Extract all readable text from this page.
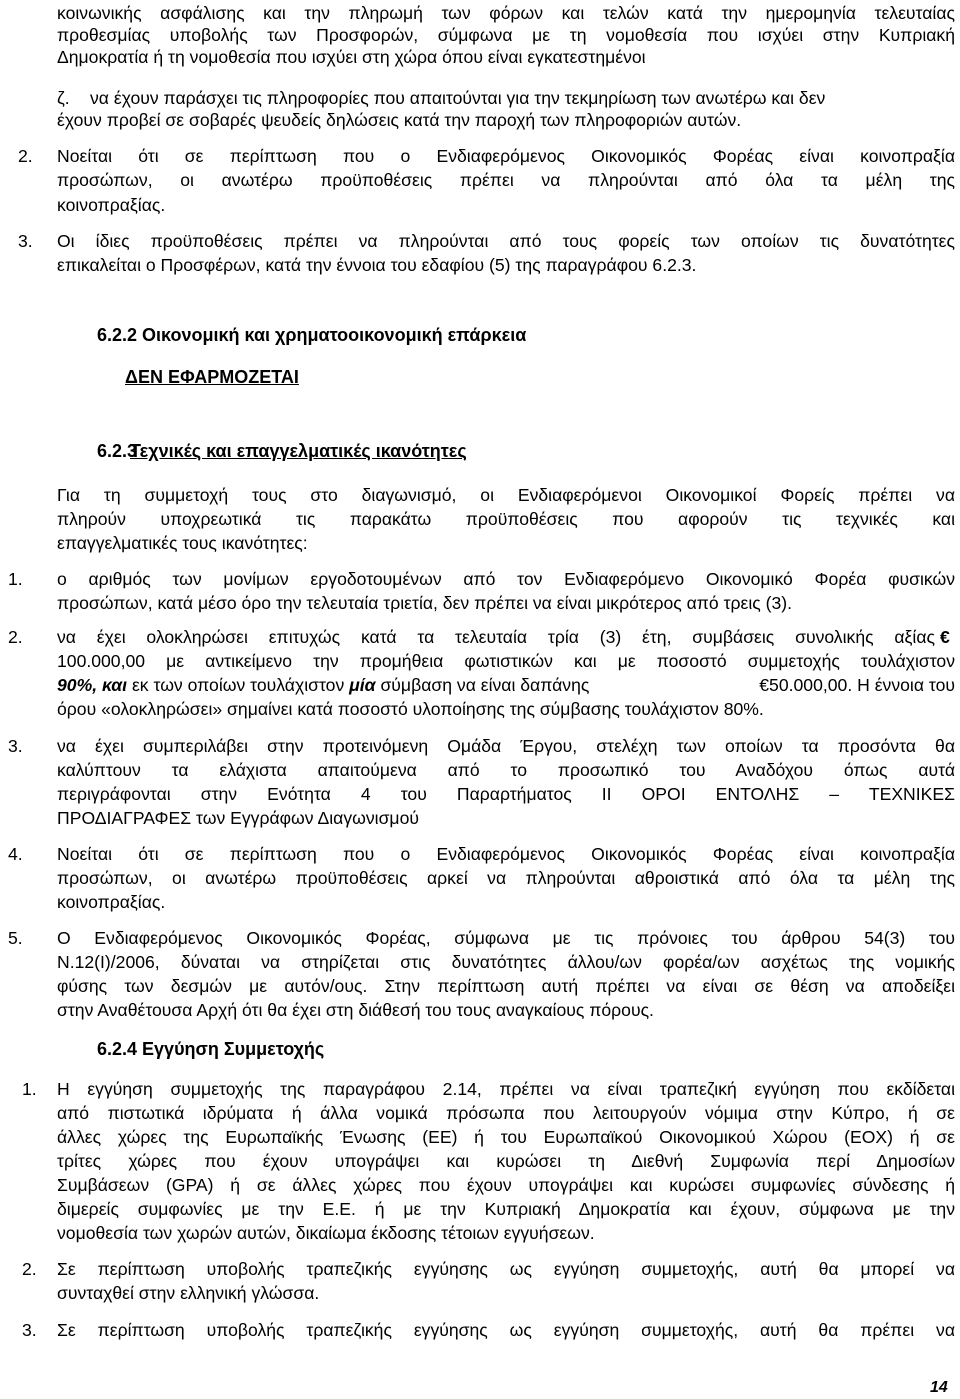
κοινωνικής ασφάλισης και την πληρωμή των φόρων και τελών κατά την ημερομηνία τελευταίας
προθεσμίας υποβολής των Προσφορών, σύμφωνα με τη νομοθεσία που ισχύει στην Κυπριακή
Δημοκρατία ή τη νομοθεσία που ισχύει στη χώρα όπου είναι εγκατεστημένοι
ζ. να έχουν παράσχει τις πληροφορίες που απαιτούνται για την τεκμηρίωση των ανωτέρω και δεν
έχουν προβεί σε σοβαρές ψευδείς δηλώσεις κατά την παροχή των πληροφοριών αυτών.
2. Νοείται ότι σε περίπτωση που ο Ενδιαφερόμενος Οικονομικός Φορέας είναι κοινοπραξία
προσώπων, οι ανωτέρω προϋποθέσεις πρέπει να πληρούνται από όλα τα μέλη της
κοινοπραξίας.
3. Οι ίδιες προϋποθέσεις πρέπει να πληρούνται από τους φορείς των οποίων τις δυνατότητες
επικαλείται ο Προσφέρων, κατά την έννοια του εδαφίου (5) της παραγράφου 6.2.3.
6.2.2 Οικονομική και χρηματοοικονομική επάρκεια
ΔΕΝ ΕΦΑΡΜΟΖΕΤΑΙ
6.2.3
Τεχνικές και επαγγελματικές ικανότητες
Για τη συμμετοχή τους στο διαγωνισμό, οι Ενδιαφερόμενοι Οικονομικοί Φορείς πρέπει να
πληρούν υποχρεωτικά τις παρακάτω προϋποθέσεις που αφορούν τις τεχνικές και
επαγγελματικές τους ικανότητες:
1. ο αριθμός των μονίμων εργοδοτουμένων από τον Ενδιαφερόμενο Οικονομικό Φορέα φυσικών
προσώπων, κατά μέσο όρο την τελευταία τριετία, δεν πρέπει να είναι μικρότερος από τρεις (3).
2. να έχει ολοκληρώσει επιτυχώς κατά τα τελευταία τρία (3) έτη, συμβάσεις συνολικής αξίας €
100.000,00 με αντικείμενο την προμήθεια φωτιστικών και με ποσοστό συμμετοχής τουλάχιστον
90%, και εκ των οποίων τουλάχιστον μία σύμβαση να είναι δαπάνης	€50.000,00. Η έννοια του
όρου «ολοκληρώσει» σημαίνει κατά ποσοστό υλοποίησης της σύμβασης τουλάχιστον 80%.
3. να έχει συμπεριλάβει στην προτεινόμενη Ομάδα Έργου, στελέχη των οποίων τα προσόντα θα
καλύπτουν τα ελάχιστα απαιτούμενα από το προσωπικό του Αναδόχου όπως αυτά
περιγράφονται στην Ενότητα 4 του Παραρτήματος ΙΙ ΟΡΟΙ ΕΝΤΟΛΗΣ – ΤΕΧΝΙΚΕΣ
ΠΡΟΔΙΑΓΡΑΦΕΣ των Εγγράφων Διαγωνισμού
4. Νοείται ότι σε περίπτωση που ο Ενδιαφερόμενος Οικονομικός Φορέας είναι κοινοπραξία
προσώπων, οι ανωτέρω προϋποθέσεις αρκεί να πληρούνται αθροιστικά από όλα τα μέλη της
κοινοπραξίας.
5. Ο Ενδιαφερόμενος Οικονομικός Φορέας, σύμφωνα με τις πρόνοιες του άρθρου 54(3) του
Ν.12(Ι)/2006, δύναται να στηρίζεται στις δυνατότητες άλλου/ων φορέα/ων ασχέτως της νομικής
φύσης των δεσμών με αυτόν/ους. Στην περίπτωση αυτή πρέπει να είναι σε θέση να αποδείξει
στην Αναθέτουσα Αρχή ότι θα έχει στη διάθεσή του τους αναγκαίους πόρους.
6.2.4 Εγγύηση Συμμετοχής
1. Η εγγύηση συμμετοχής της παραγράφου 2.14, πρέπει να είναι τραπεζική εγγύηση που εκδίδεται
από πιστωτικά ιδρύματα ή άλλα νομικά πρόσωπα που λειτουργούν νόμιμα στην Κύπρο, ή σε
άλλες χώρες της Ευρωπαϊκής Ένωσης (ΕΕ) ή του Ευρωπαϊκού Οικονομικού Χώρου (ΕΟΧ) ή σε
τρίτες χώρες που έχουν υπογράψει και κυρώσει τη Διεθνή Συμφωνία περί Δημοσίων
Συμβάσεων (GPA) ή σε άλλες χώρες που έχουν υπογράψει και κυρώσει συμφωνίες σύνδεσης ή
διμερείς συμφωνίες με την Ε.Ε. ή με την Κυπριακή Δημοκρατία και έχουν, σύμφωνα με την
νομοθεσία των χωρών αυτών, δικαίωμα έκδοσης τέτοιων εγγυήσεων.
2. Σε περίπτωση υποβολής τραπεζικής εγγύησης ως εγγύηση συμμετοχής, αυτή θα μπορεί να
συνταχθεί στην ελληνική γλώσσα.
3. Σε περίπτωση υποβολής τραπεζικής εγγύησης ως εγγύηση συμμετοχής, αυτή θα πρέπει να
14
